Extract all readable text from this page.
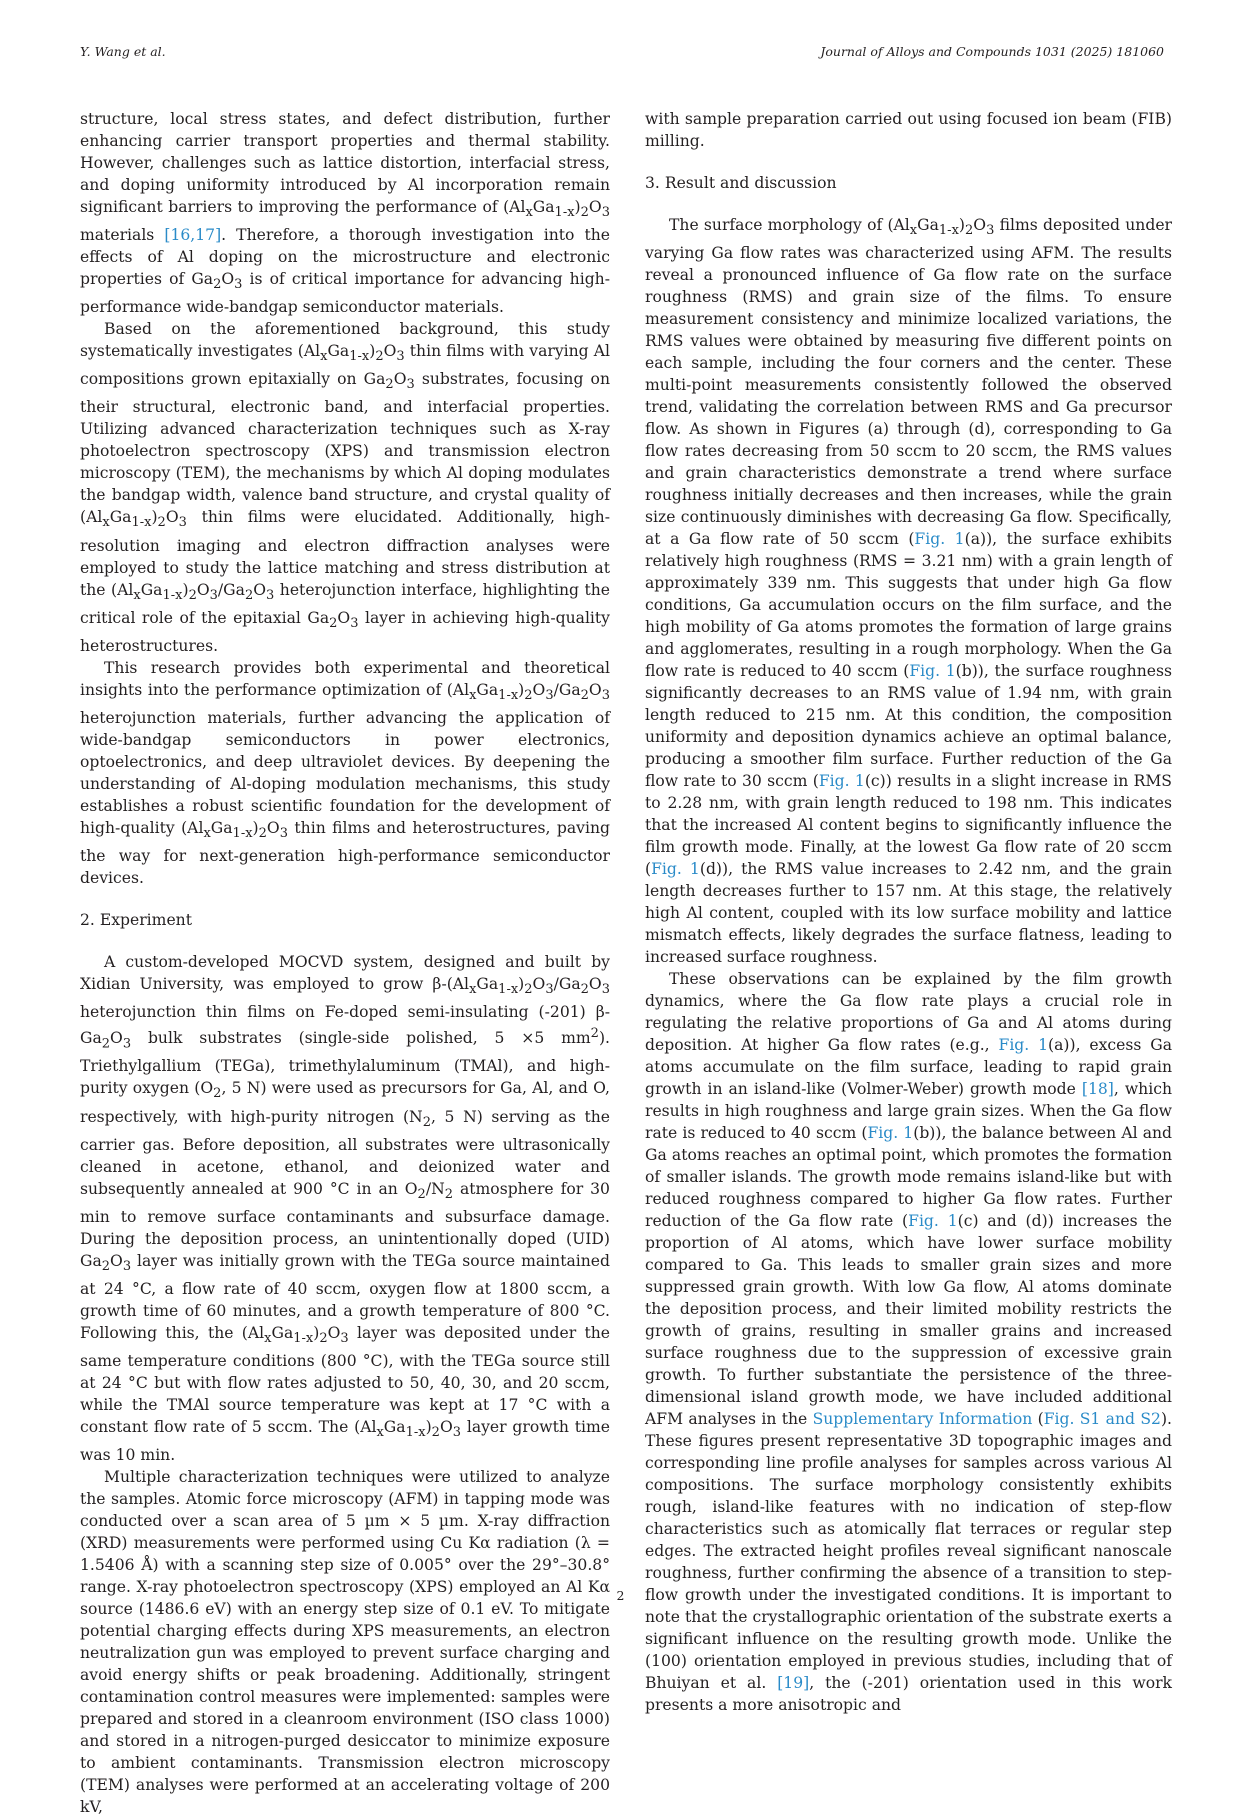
Y. Wang et al.	Journal of Alloys and Compounds 1031 (2025) 181060

structure, local stress states, and defect distribution, further enhancing carrier transport properties and thermal stability. However, challenges such as lattice distortion, interfacial stress, and doping uniformity introduced by Al incorporation remain significant barriers to improving the performance of $(Al_xGa_{1-x})_2O_3$ materials [16,17]. Therefore, a thorough investigation into the effects of Al doping on the microstructure and electronic properties of $Ga_2O_3$ is of critical importance for advancing high-performance wide-bandgap semiconductor materials.

Based on the aforementioned background, this study systematically investigates $(Al_xGa_{1-x})_2O_3$ thin films with varying Al compositions grown epitaxially on $Ga_2O_3$ substrates, focusing on their structural, electronic band, and interfacial properties. Utilizing advanced characterization techniques such as X-ray photoelectron spectroscopy (XPS) and transmission electron microscopy (TEM), the mechanisms by which Al doping modulates the bandgap width, valence band structure, and crystal quality of $(Al_xGa_{1-x})_2O_3$ thin films were elucidated. Additionally, high-resolution imaging and electron diffraction analyses were employed to study the lattice matching and stress distribution at the $(Al_xGa_{1-x})_2O_3/Ga_2O_3$ heterojunction interface, highlighting the critical role of the epitaxial $Ga_2O_3$ layer in achieving high-quality heterostructures.

This research provides both experimental and theoretical insights into the performance optimization of $(Al_xGa_{1-x})_2O_3/Ga_2O_3$ heterojunction materials, further advancing the application of wide-bandgap semiconductors in power electronics, optoelectronics, and deep ultraviolet devices. By deepening the understanding of Al-doping modulation mechanisms, this study establishes a robust scientific foundation for the development of high-quality $(Al_xGa_{1-x})_2O_3$ thin films and heterostructures, paving the way for next-generation high-performance semiconductor devices.

2. Experiment

A custom-developed MOCVD system, designed and built by Xidian University, was employed to grow $\beta-(Al_xGa_{1-x})_2O_3/Ga_2O_3$ heterojunction thin films on Fe-doped semi-insulating (-201) $\beta-Ga_2O_3$ bulk substrates (single-side polished, 5 ×5 $mm^2$). Triethylgallium (TEGa), trimethylaluminum (TMAl), and high-purity oxygen ($O_2$, 5 N) were used as precursors for Ga, Al, and O, respectively, with high-purity nitrogen ($N_2$, 5 N) serving as the carrier gas. Before deposition, all substrates were ultrasonically cleaned in acetone, ethanol, and deionized water and subsequently annealed at 900 °C in an $O_2/N_2$ atmosphere for 30 min to remove surface contaminants and subsurface damage. During the deposition process, an unintentionally doped (UID) $Ga_2O_3$ layer was initially grown with the TEGa source maintained at 24 °C, a flow rate of 40 sccm, oxygen flow at 1800 sccm, a growth time of 60 minutes, and a growth temperature of 800 °C. Following this, the $(Al_xGa_{1-x})_2O_3$ layer was deposited under the same temperature conditions (800 °C), with the TEGa source still at 24 °C but with flow rates adjusted to 50, 40, 30, and 20 sccm, while the TMAl source temperature was kept at 17 °C with a constant flow rate of 5 sccm. The $(Al_xGa_{1-x})_2O_3$ layer growth time was 10 min.

Multiple characterization techniques were utilized to analyze the samples. Atomic force microscopy (AFM) in tapping mode was conducted over a scan area of 5 µm × 5 µm. X-ray diffraction (XRD) measurements were performed using Cu Kα radiation (λ = 1.5406 Å) with a scanning step size of 0.005° over the 29°–30.8° range. X-ray photoelectron spectroscopy (XPS) employed an Al Kα source (1486.6 eV) with an energy step size of 0.1 eV. To mitigate potential charging effects during XPS measurements, an electron neutralization gun was employed to prevent surface charging and avoid energy shifts or peak broadening. Additionally, stringent contamination control measures were implemented: samples were prepared and stored in a cleanroom environment (ISO class 1000) and stored in a nitrogen-purged desiccator to minimize exposure to ambient contaminants. Transmission electron microscopy (TEM) analyses were performed at an accelerating voltage of 200 kV,

with sample preparation carried out using focused ion beam (FIB) milling.

3. Result and discussion

The surface morphology of $(Al_xGa_{1-x})_2O_3$ films deposited under varying Ga flow rates was characterized using AFM. The results reveal a pronounced influence of Ga flow rate on the surface roughness (RMS) and grain size of the films. To ensure measurement consistency and minimize localized variations, the RMS values were obtained by measuring five different points on each sample, including the four corners and the center. These multi-point measurements consistently followed the observed trend, validating the correlation between RMS and Ga precursor flow. As shown in Figures (a) through (d), corresponding to Ga flow rates decreasing from 50 sccm to 20 sccm, the RMS values and grain characteristics demonstrate a trend where surface roughness initially decreases and then increases, while the grain size continuously diminishes with decreasing Ga flow. Specifically, at a Ga flow rate of 50 sccm (Fig. 1(a)), the surface exhibits relatively high roughness (RMS = 3.21 nm) with a grain length of approximately 339 nm. This suggests that under high Ga flow conditions, Ga accumulation occurs on the film surface, and the high mobility of Ga atoms promotes the formation of large grains and agglomerates, resulting in a rough morphology. When the Ga flow rate is reduced to 40 sccm (Fig. 1(b)), the surface roughness significantly decreases to an RMS value of 1.94 nm, with grain length reduced to 215 nm. At this condition, the composition uniformity and deposition dynamics achieve an optimal balance, producing a smoother film surface. Further reduction of the Ga flow rate to 30 sccm (Fig. 1(c)) results in a slight increase in RMS to 2.28 nm, with grain length reduced to 198 nm. This indicates that the increased Al content begins to significantly influence the film growth mode. Finally, at the lowest Ga flow rate of 20 sccm (Fig. 1(d)), the RMS value increases to 2.42 nm, and the grain length decreases further to 157 nm. At this stage, the relatively high Al content, coupled with its low surface mobility and lattice mismatch effects, likely degrades the surface flatness, leading to increased surface roughness.

These observations can be explained by the film growth dynamics, where the Ga flow rate plays a crucial role in regulating the relative proportions of Ga and Al atoms during deposition. At higher Ga flow rates (e.g., Fig. 1(a)), excess Ga atoms accumulate on the film surface, leading to rapid grain growth in an island-like (Volmer-Weber) growth mode [18], which results in high roughness and large grain sizes. When the Ga flow rate is reduced to 40 sccm (Fig. 1(b)), the balance between Al and Ga atoms reaches an optimal point, which promotes the formation of smaller islands. The growth mode remains island-like but with reduced roughness compared to higher Ga flow rates. Further reduction of the Ga flow rate (Fig. 1(c) and (d)) increases the proportion of Al atoms, which have lower surface mobility compared to Ga. This leads to smaller grain sizes and more suppressed grain growth. With low Ga flow, Al atoms dominate the deposition process, and their limited mobility restricts the growth of grains, resulting in smaller grains and increased surface roughness due to the suppression of excessive grain growth. To further substantiate the persistence of the three-dimensional island growth mode, we have included additional AFM analyses in the Supplementary Information (Fig. S1 and S2). These figures present representative 3D topographic images and corresponding line profile analyses for samples across various Al compositions. The surface morphology consistently exhibits rough, island-like features with no indication of step-flow characteristics such as atomically flat terraces or regular step edges. The extracted height profiles reveal significant nanoscale roughness, further confirming the absence of a transition to step-flow growth under the investigated conditions. It is important to note that the crystallographic orientation of the substrate exerts a significant influence on the resulting growth mode. Unlike the (100) orientation employed in previous studies, including that of Bhuiyan et al. [19], the (-201) orientation used in this work presents a more anisotropic and

2
